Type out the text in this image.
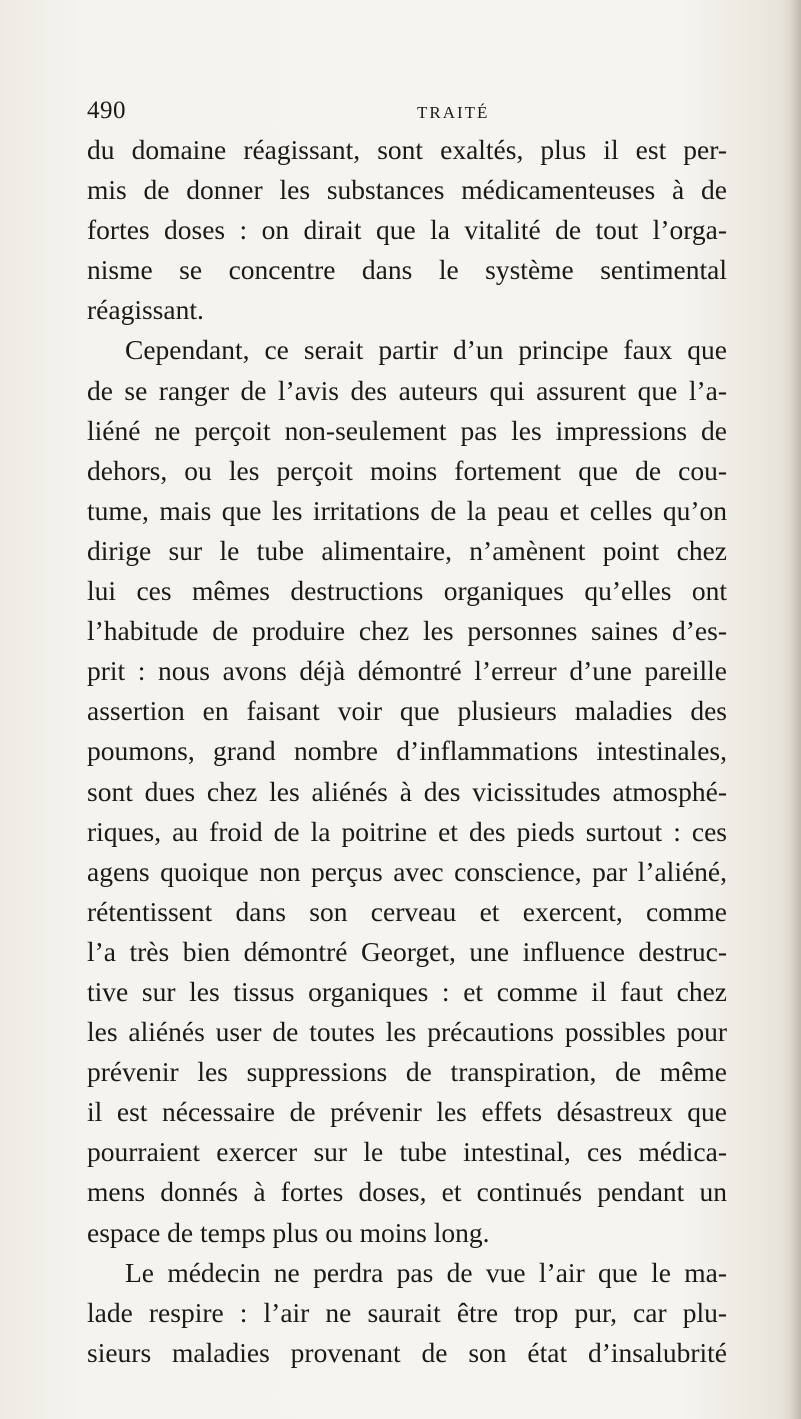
490	TRAITÉ
du domaine réagissant, sont exaltés, plus il est per-
mis de donner les substances médicamenteuses à de
fortes doses : on dirait que la vitalité de tout l’orga-
nisme se concentre dans le système sentimental
réagissant.
Cependant, ce serait partir d’un principe faux que
de se ranger de l’avis des auteurs qui assurent que l’a-
liéné ne perçoit non-seulement pas les impressions de
dehors, ou les perçoit moins fortement que de cou-
tume, mais que les irritations de la peau et celles qu’on
dirige sur le tube alimentaire, n’amènent point chez
lui ces mêmes destructions organiques qu’elles ont
l’habitude de produire chez les personnes saines d’es-
prit : nous avons déjà démontré l’erreur d’une pareille
assertion en faisant voir que plusieurs maladies des
poumons, grand nombre d’inflammations intestinales,
sont dues chez les aliénés à des vicissitudes atmosphé-
riques, au froid de la poitrine et des pieds surtout : ces
agens quoique non perçus avec conscience, par l’aliéné,
rétentissent dans son cerveau et exercent, comme
l’a très bien démontré Georget, une influence destruc-
tive sur les tissus organiques : et comme il faut chez
les aliénés user de toutes les précautions possibles pour
prévenir les suppressions de transpiration, de même
il est nécessaire de prévenir les effets désastreux que
pourraient exercer sur le tube intestinal, ces médica-
mens donnés à fortes doses, et continués pendant un
espace de temps plus ou moins long.
Le médecin ne perdra pas de vue l’air que le ma-
lade respire : l’air ne saurait être trop pur, car plu-
sieurs maladies provenant de son état d’insalubrité
